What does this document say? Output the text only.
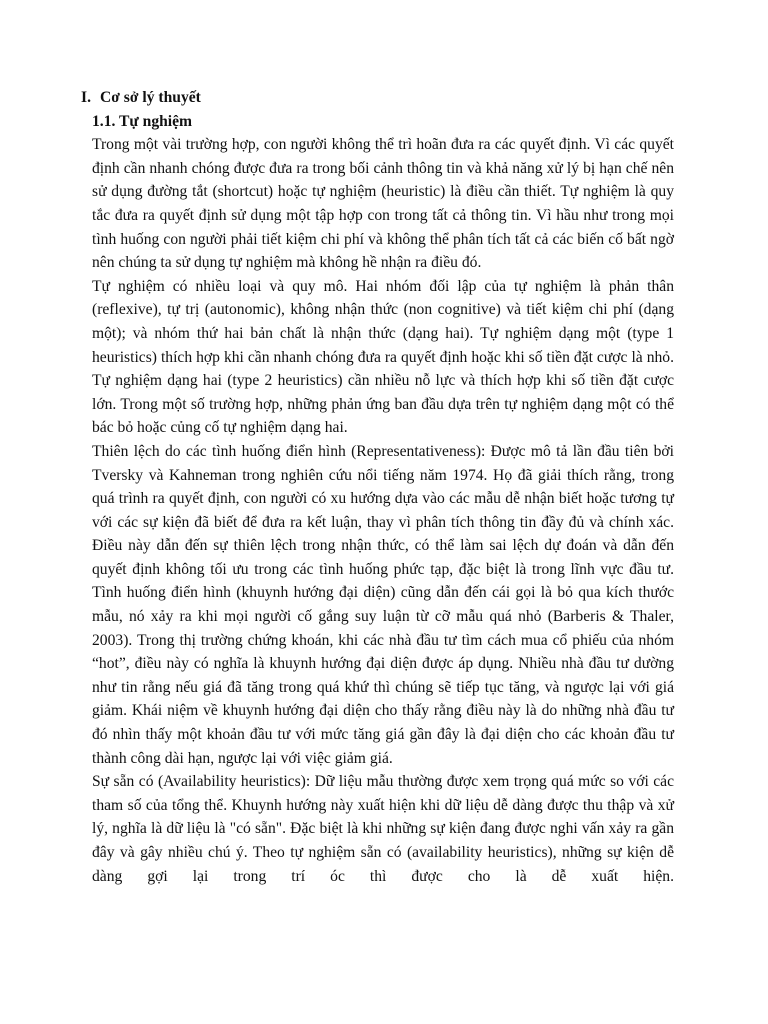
I. Cơ sở lý thuyết
1.1. Tự nghiệm

Trong một vài trường hợp, con người không thể trì hoãn đưa ra các quyết định. Vì các quyết định cần nhanh chóng được đưa ra trong bối cảnh thông tin và khả năng xử lý bị hạn chế nên sử dụng đường tắt (shortcut) hoặc tự nghiệm (heuristic) là điều cần thiết. Tự nghiệm là quy tắc đưa ra quyết định sử dụng một tập hợp con trong tất cả thông tin. Vì hầu như trong mọi tình huống con người phải tiết kiệm chi phí và không thể phân tích tất cả các biến cố bất ngờ nên chúng ta sử dụng tự nghiệm mà không hề nhận ra điều đó.

Tự nghiệm có nhiều loại và quy mô. Hai nhóm đối lập của tự nghiệm là phản thân (reflexive), tự trị (autonomic), không nhận thức (non cognitive) và tiết kiệm chi phí (dạng một); và nhóm thứ hai bản chất là nhận thức (dạng hai). Tự nghiệm dạng một (type 1 heuristics) thích hợp khi cần nhanh chóng đưa ra quyết định hoặc khi số tiền đặt cược là nhỏ. Tự nghiệm dạng hai (type 2 heuristics) cần nhiều nỗ lực và thích hợp khi số tiền đặt cược lớn. Trong một số trường hợp, những phản ứng ban đầu dựa trên tự nghiệm dạng một có thể bác bỏ hoặc củng cố tự nghiệm dạng hai.

Thiên lệch do các tình huống điển hình (Representativeness): Được mô tả lần đầu tiên bởi Tversky và Kahneman trong nghiên cứu nổi tiếng năm 1974. Họ đã giải thích rằng, trong quá trình ra quyết định, con người có xu hướng dựa vào các mẫu dễ nhận biết hoặc tương tự với các sự kiện đã biết để đưa ra kết luận, thay vì phân tích thông tin đầy đủ và chính xác. Điều này dẫn đến sự thiên lệch trong nhận thức, có thể làm sai lệch dự đoán và dẫn đến quyết định không tối ưu trong các tình huống phức tạp, đặc biệt là trong lĩnh vực đầu tư. Tình huống điển hình (khuynh hướng đại diện) cũng dẫn đến cái gọi là bỏ qua kích thước mẫu, nó xảy ra khi mọi người cố gắng suy luận từ cỡ mẫu quá nhỏ (Barberis & Thaler, 2003). Trong thị trường chứng khoán, khi các nhà đầu tư tìm cách mua cổ phiếu của nhóm “hot”, điều này có nghĩa là khuynh hướng đại diện được áp dụng. Nhiều nhà đầu tư dường như tin rằng nếu giá đã tăng trong quá khứ thì chúng sẽ tiếp tục tăng, và ngược lại với giá giảm. Khái niệm về khuynh hướng đại diện cho thấy rằng điều này là do những nhà đầu tư đó nhìn thấy một khoản đầu tư với mức tăng giá gần đây là đại diện cho các khoản đầu tư thành công dài hạn, ngược lại với việc giảm giá.

Sự sẵn có (Availability heuristics): Dữ liệu mẫu thường được xem trọng quá mức so với các tham số của tổng thể. Khuynh hướng này xuất hiện khi dữ liệu dễ dàng được thu thập và xử lý, nghĩa là dữ liệu là "có sẵn". Đặc biệt là khi những sự kiện đang được nghi vấn xảy ra gần đây và gây nhiều chú ý. Theo tự nghiệm sẵn có (availability heuristics), những sự kiện dễ dàng gợi lại trong trí óc thì được cho là dễ xuất hiện.
